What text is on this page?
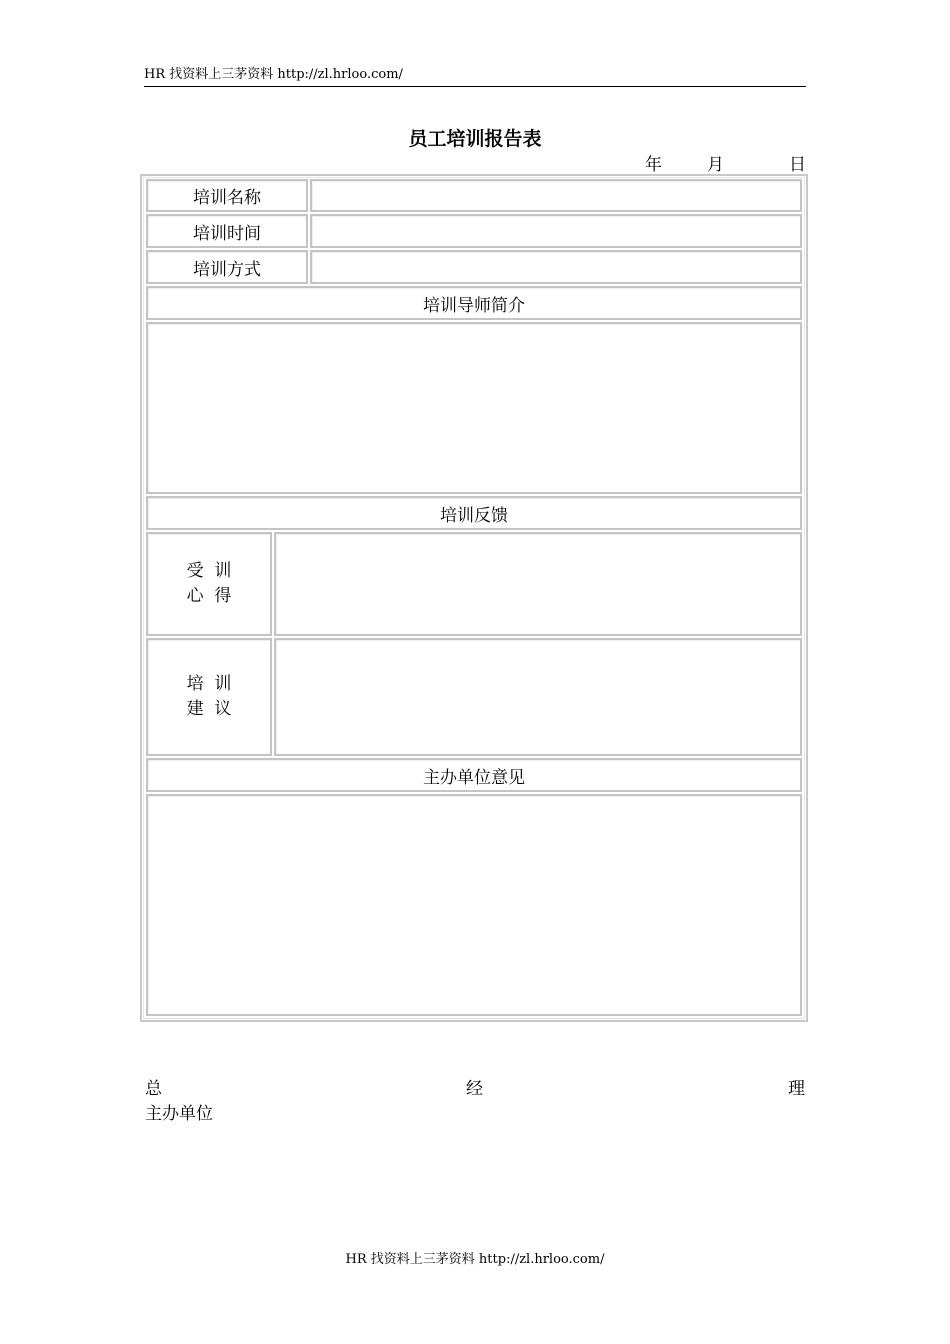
HR 找资料上三茅资料 http://zl.hrloo.com/
员工培训报告表
年	月	日
培训名称
培训时间
培训方式
培训导师简介
培训反馈
受  训
心  得
培  训
建  议
主办单位意见
总	经	理
主办单位
HR 找资料上三茅资料 http://zl.hrloo.com/
